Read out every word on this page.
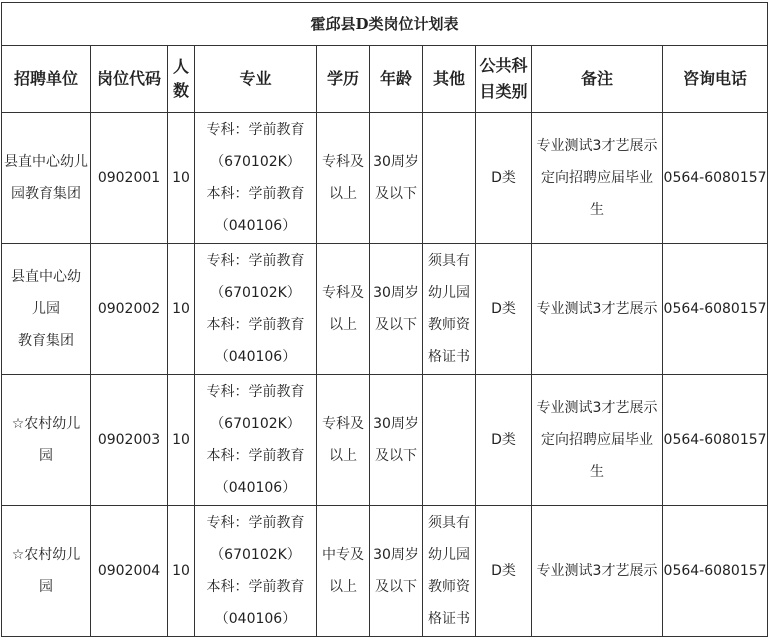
霍邱县D类岗位计划表									
招聘单位	岗位代码	人数	专业	学历	年龄	其他	公共科目类别	备注	咨询电话

县直中心幼儿
园教育集团	0902001	10	专科：学前教育
（670102K）
本科：学前教育
（040106）	专科及
以上	30周岁
及以下		D类	专业测试3才艺展示
定向招聘应届毕业
生	0564-6080157

县直中心幼
儿园
教育集团	0902002	10	专科：学前教育
（670102K）
本科：学前教育
（040106）	专科及
以上	30周岁
及以下	须具有
幼儿园
教师资
格证书	D类	专业测试3才艺展示	0564-6080157

☆农村幼儿
园	0902003	10	专科：学前教育
（670102K）
本科：学前教育
（040106）	专科及
以上	30周岁
及以下		D类	专业测试3才艺展示
定向招聘应届毕业
生	0564-6080157

☆农村幼儿
园	0902004	10	专科：学前教育
（670102K）
本科：学前教育
（040106）	中专及
以上	30周岁
及以下	须具有
幼儿园
教师资
格证书	D类	专业测试3才艺展示	0564-6080157
